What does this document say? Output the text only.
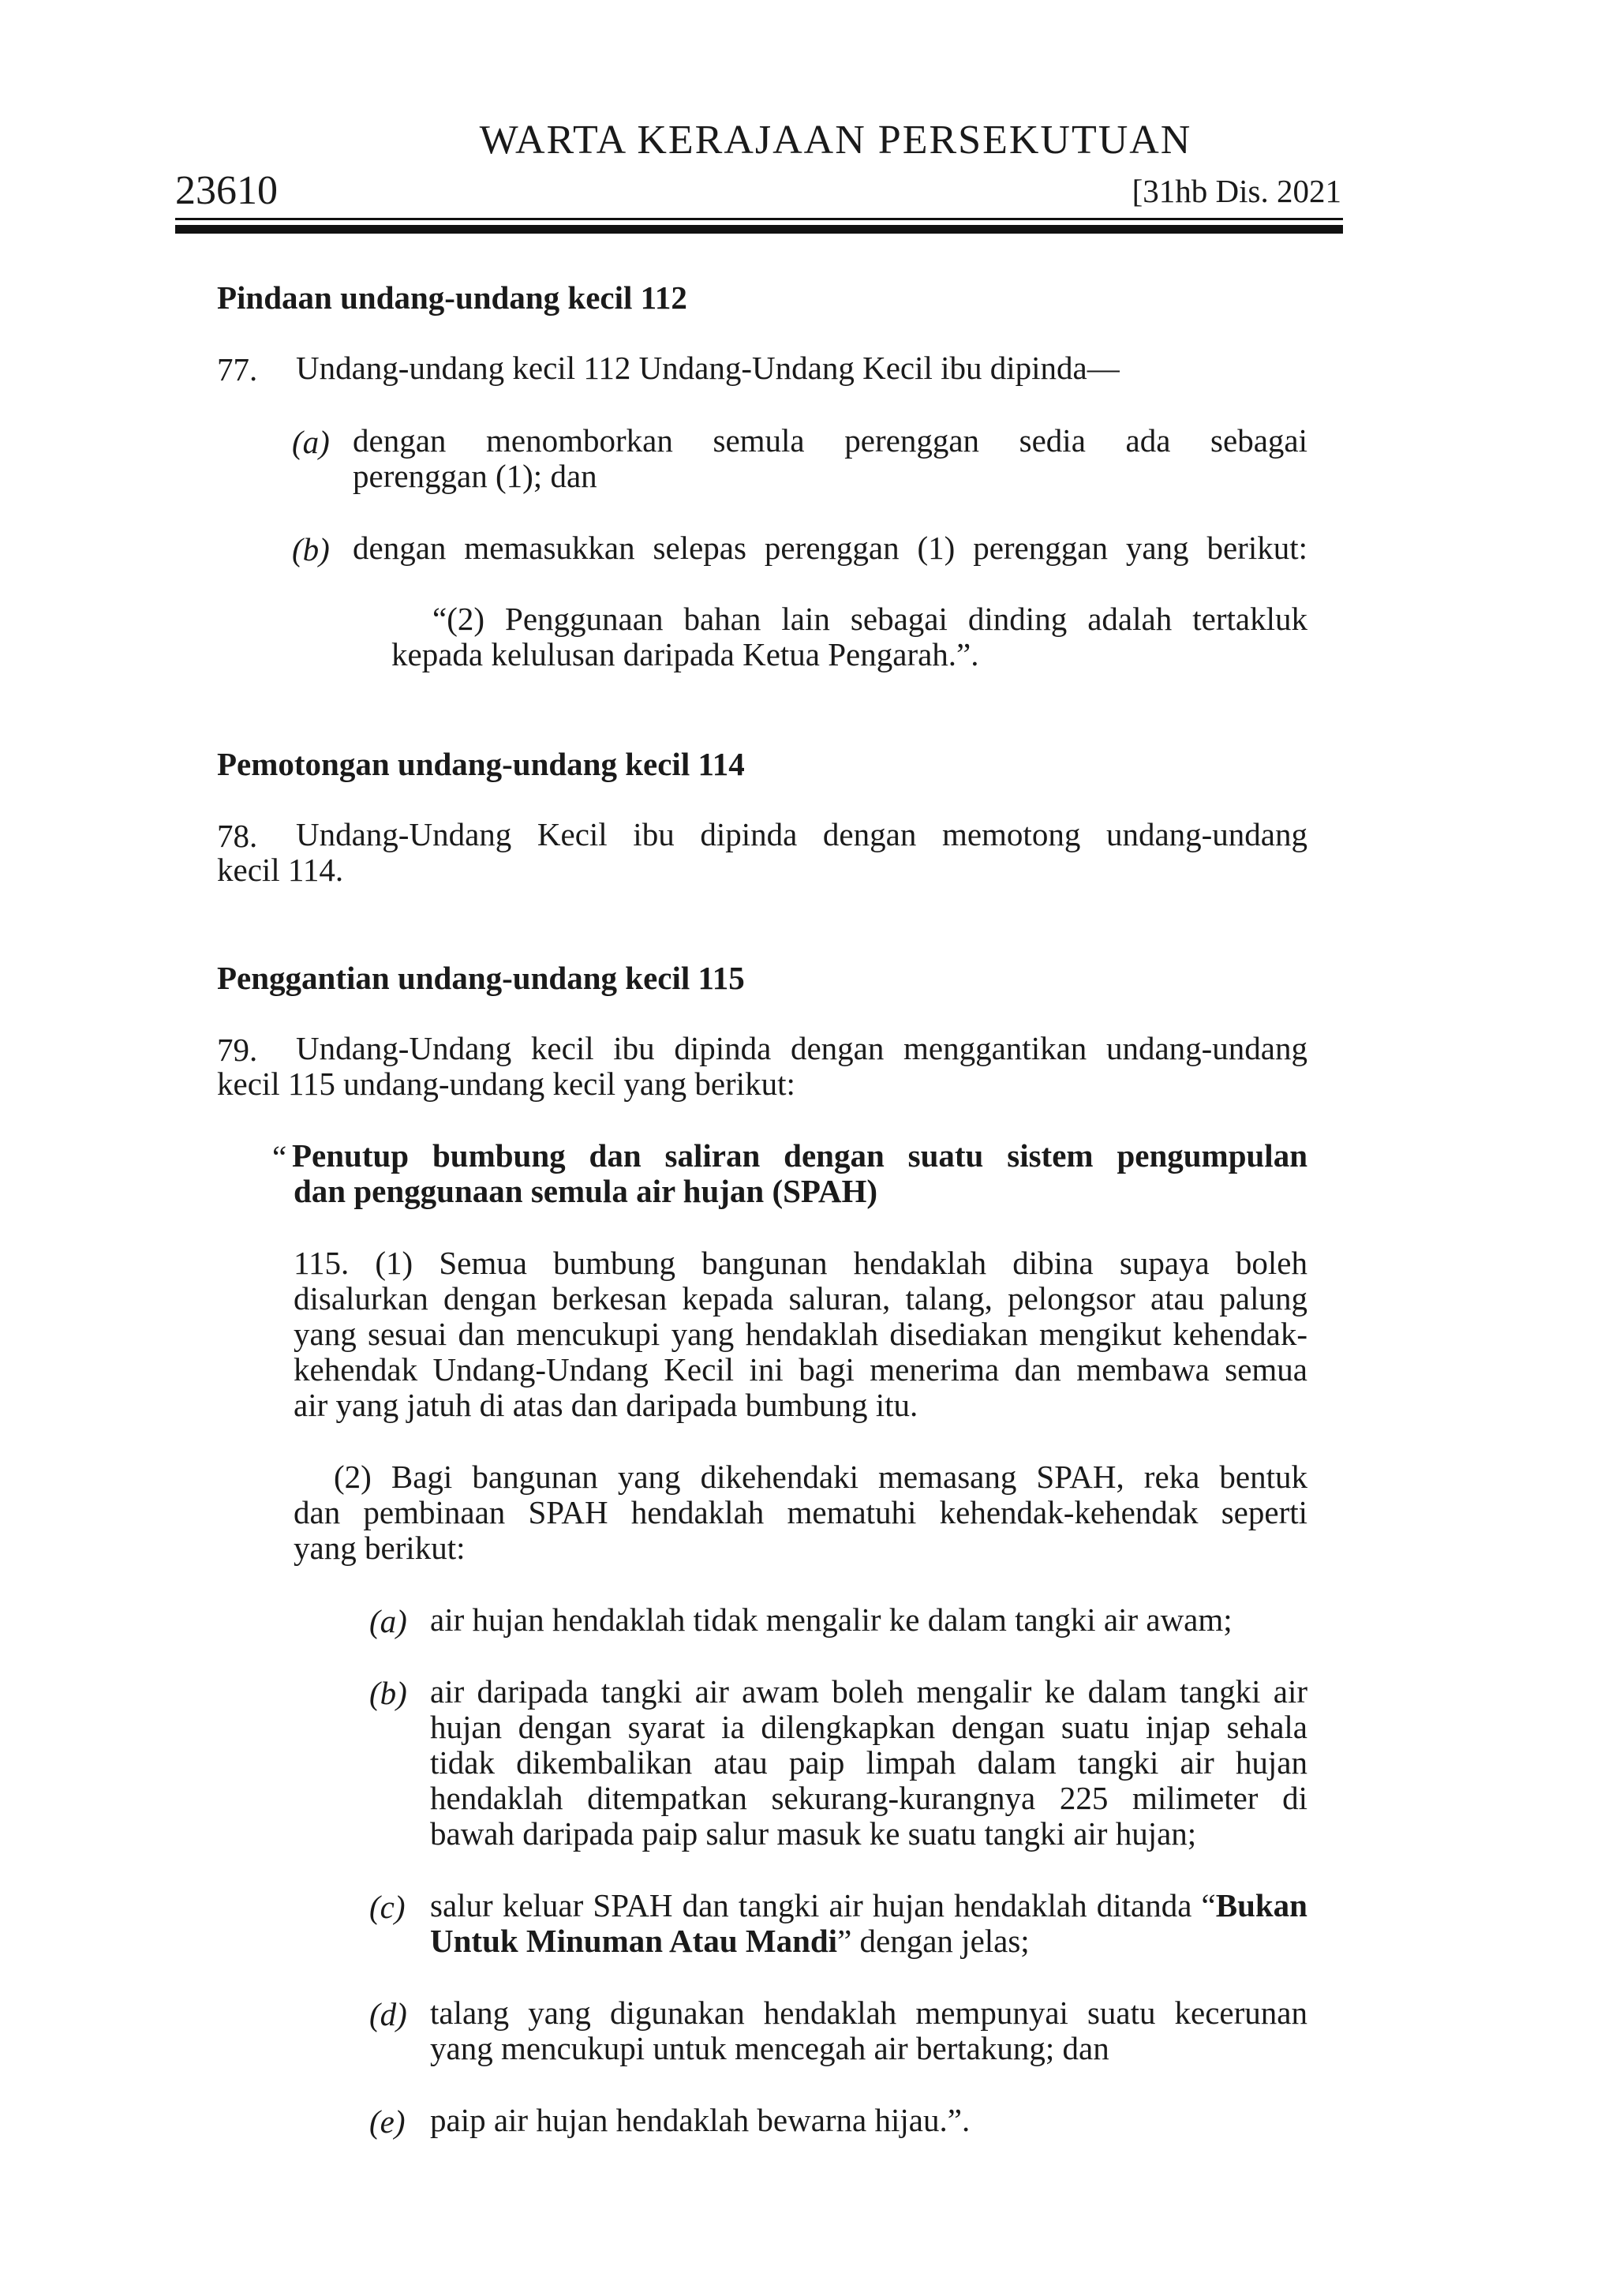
WARTA KERAJAAN PERSEKUTUAN
23610	[31hb Dis. 2021
Pindaan undang-undang kecil 112
77. Undang-undang kecil 112 Undang-Undang Kecil ibu dipinda—
(a) dengan menomborkan semula perenggan sedia ada sebagai
perenggan (1); dan
(b) dengan memasukkan selepas perenggan (1) perenggan yang berikut:
“(2) Penggunaan bahan lain sebagai dinding adalah tertakluk
kepada kelulusan daripada Ketua Pengarah.”.
Pemotongan undang-undang kecil 114
78. Undang-Undang Kecil ibu dipinda dengan memotong undang-undang
kecil 114.
Penggantian undang-undang kecil 115
79. Undang-Undang kecil ibu dipinda dengan menggantikan undang-undang
kecil 115 undang-undang kecil yang berikut:
“ Penutup bumbung dan saliran dengan suatu sistem pengumpulan
dan penggunaan semula air hujan (SPAH)
115. (1) Semua bumbung bangunan hendaklah dibina supaya boleh
disalurkan dengan berkesan kepada saluran, talang, pelongsor atau palung
yang sesuai dan mencukupi yang hendaklah disediakan mengikut kehendak-
kehendak Undang-Undang Kecil ini bagi menerima dan membawa semua
air yang jatuh di atas dan daripada bumbung itu.
(2) Bagi bangunan yang dikehendaki memasang SPAH, reka bentuk
dan pembinaan SPAH hendaklah mematuhi kehendak-kehendak seperti
yang berikut:
(a) air hujan hendaklah tidak mengalir ke dalam tangki air awam;
(b) air daripada tangki air awam boleh mengalir ke dalam tangki air
hujan dengan syarat ia dilengkapkan dengan suatu injap sehala
tidak dikembalikan atau paip limpah dalam tangki air hujan
hendaklah ditempatkan sekurang-kurangnya 225 milimeter di
bawah daripada paip salur masuk ke suatu tangki air hujan;
(c) salur keluar SPAH dan tangki air hujan hendaklah ditanda “Bukan
Untuk Minuman Atau Mandi” dengan jelas;
(d) talang yang digunakan hendaklah mempunyai suatu kecerunan
yang mencukupi untuk mencegah air bertakung; dan
(e) paip air hujan hendaklah bewarna hijau.”.
